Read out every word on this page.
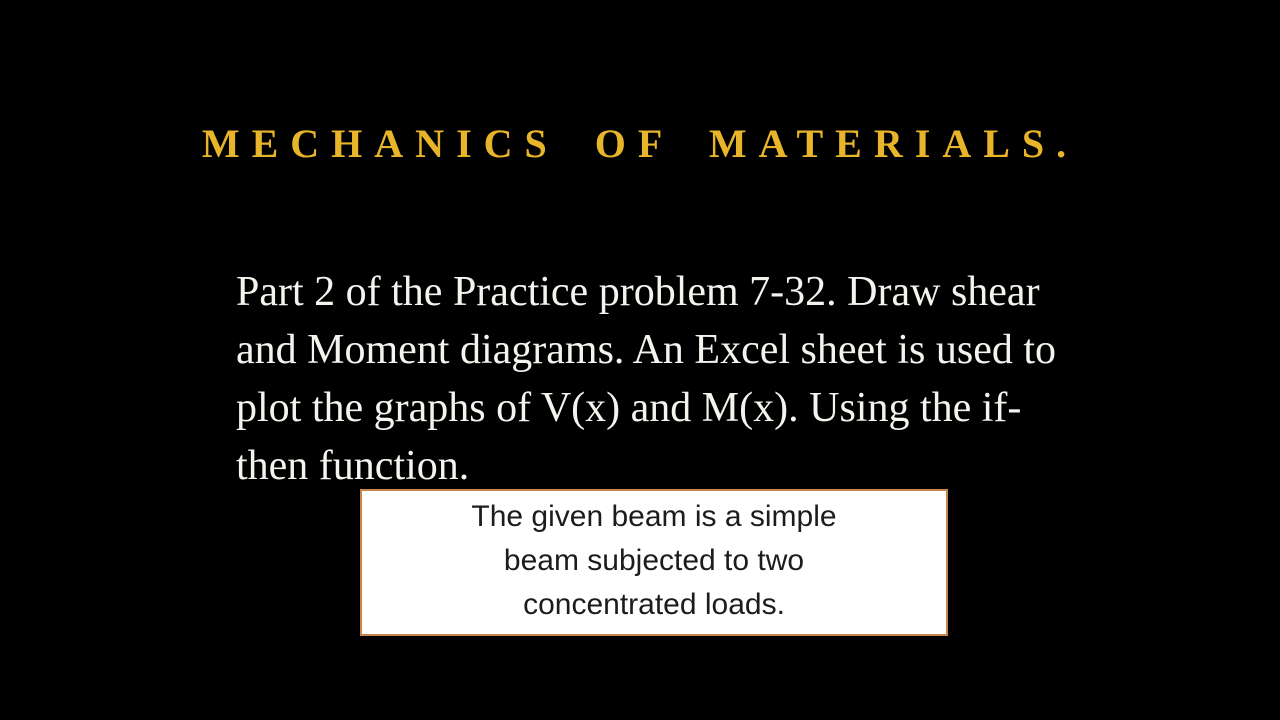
MECHANICS OF MATERIALS.
Part 2 of the Practice problem 7-32. Draw shear
and Moment diagrams. An Excel sheet is used to
plot the graphs of V(x) and M(x). Using the if-
then function.
The given beam is a simple
beam subjected to two
concentrated loads.
